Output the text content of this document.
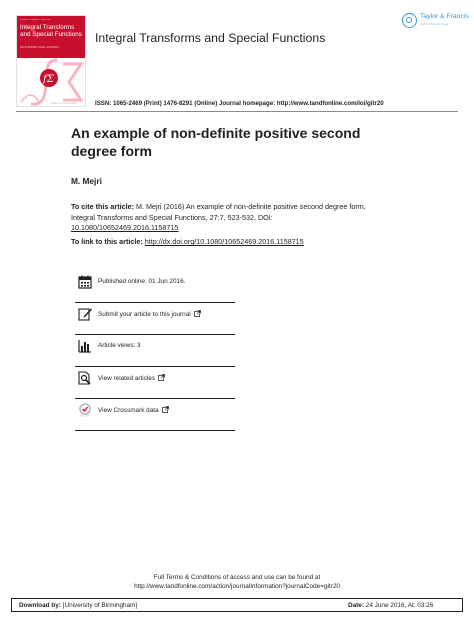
Volume 27 Number 7 July 2016
Integral Transforms and Special Functions
AN INTERNATIONAL JOURNAL
fΣ
Taylor & Francis Group
Integral Transforms and Special Functions
ISSN: 1065-2469 (Print) 1476-8291 (Online) Journal homepage: http://www.tandfonline.com/loi/gitr20
Taylor & Francis
Taylor & Francis Group
An example of non-definite positive second degree form
M. Mejri
To cite this article: M. Mejri (2016) An example of non-definite positive second degree form, Integral Transforms and Special Functions, 27:7, 523-532, DOI: 10.1080/10652469.2016.1158715
To link to this article: http://dx.doi.org/10.1080/10652469.2016.1158715
Published online: 01 Jun 2016.
Submit your article to this journal
Article views: 3
View related articles
View Crossmark data
Full Terms & Conditions of access and use can be found at
http://www.tandfonline.com/action/journalInformation?journalCode=gitr20
Download by: [University of Birmingham]	Date: 24 June 2016, At: 03:26
